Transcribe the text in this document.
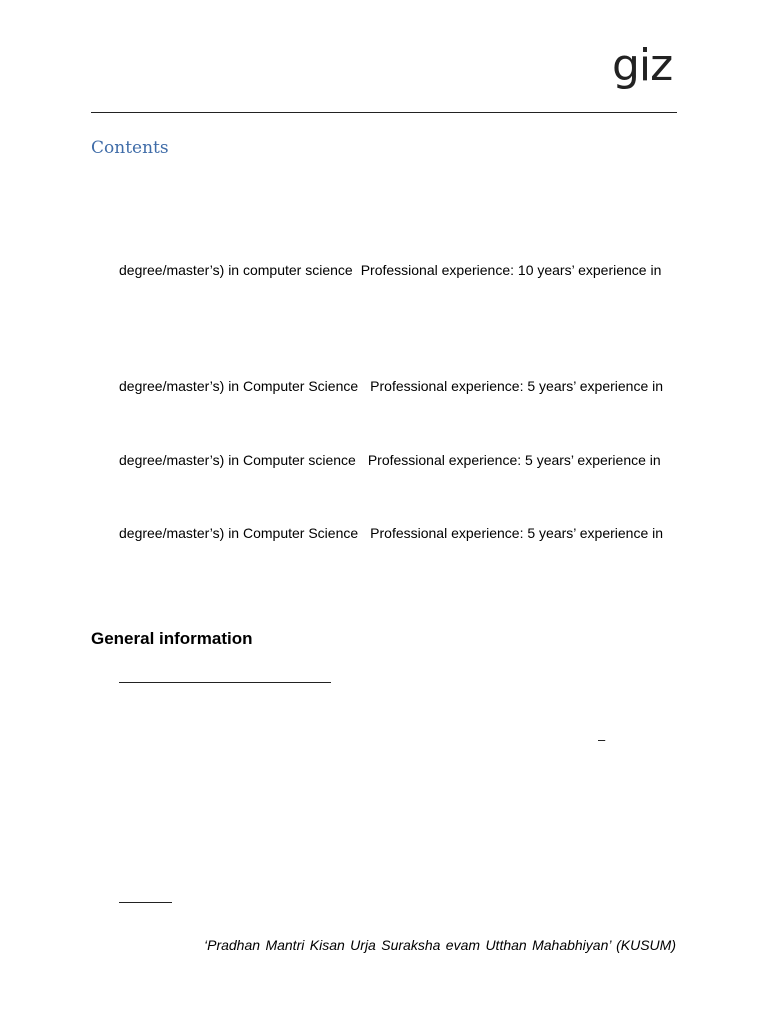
giz
Contents
degree/master’s) in computer science Professional experience: 10 years’ experience in
degree/master’s) in Computer Science Professional experience: 5 years’ experience in
degree/master’s) in Computer science Professional experience: 5 years’ experience in
degree/master’s) in Computer Science Professional experience: 5 years’ experience in
General information
–
‘Pradhan Mantri Kisan Urja Suraksha evam Utthan Mahabhiyan’ (KUSUM)
